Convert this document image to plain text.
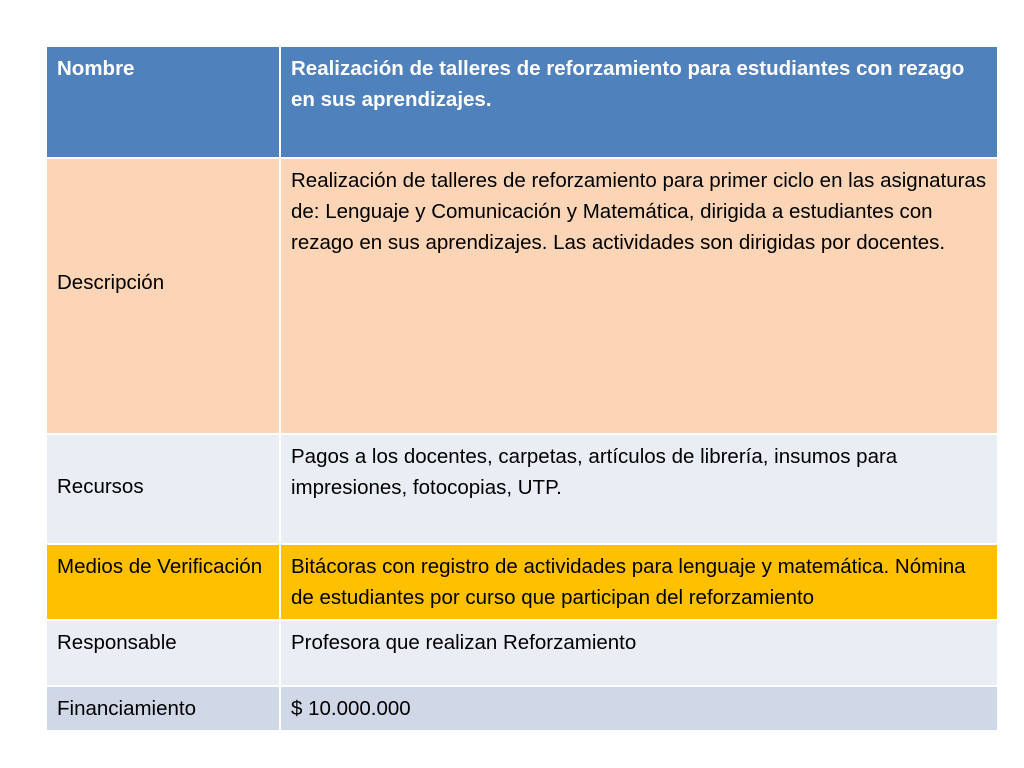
Nombre	Realización de talleres de reforzamiento para estudiantes con rezago en sus aprendizajes.
Descripción	Realización de talleres de reforzamiento para primer ciclo en las asignaturas de: Lenguaje y Comunicación y Matemática, dirigida a estudiantes con rezago en sus aprendizajes. Las actividades son dirigidas por docentes.
Recursos	Pagos a los docentes, carpetas, artículos de librería, insumos para impresiones, fotocopias, UTP.
Medios de Verificación	Bitácoras con registro de actividades para lenguaje y matemática. Nómina de estudiantes por curso que participan del reforzamiento
Responsable	Profesora que realizan Reforzamiento
Financiamiento	$ 10.000.000
